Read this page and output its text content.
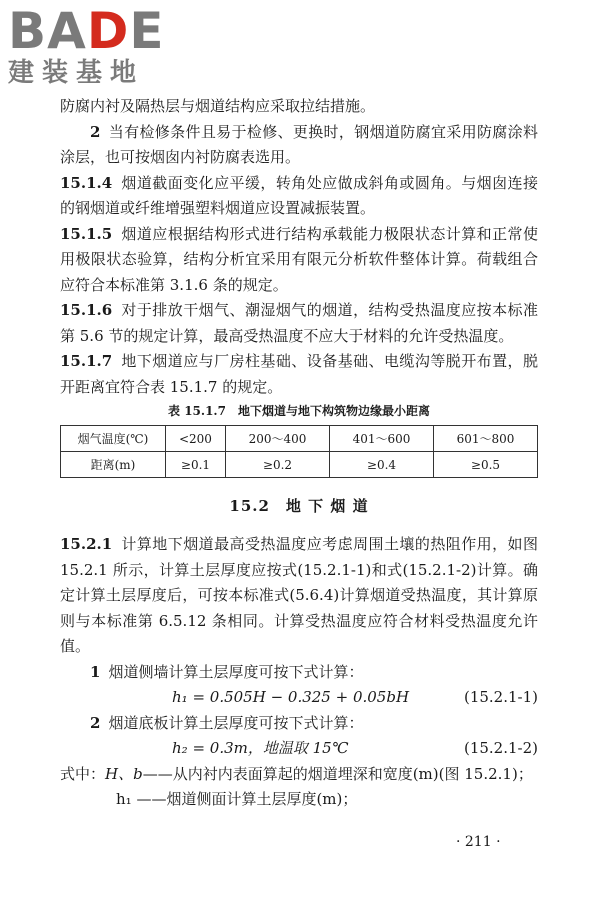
BADE
建装基地

防腐内衬及隔热层与烟道结构应采取拉结措施。

2 当有检修条件且易于检修、更换时，钢烟道防腐宜采用防腐涂料涂层，也可按烟囱内衬防腐表选用。

15.1.4 烟道截面变化应平缓，转角处应做成斜角或圆角。与烟囱连接的钢烟道或纤维增强塑料烟道应设置减振装置。

15.1.5 烟道应根据结构形式进行结构承载能力极限状态计算和正常使用极限状态验算，结构分析宜采用有限元分析软件整体计算。荷载组合应符合本标准第 3.1.6 条的规定。

15.1.6 对于排放干烟气、潮湿烟气的烟道，结构受热温度应按本标准第 5.6 节的规定计算，最高受热温度不应大于材料的允许受热温度。

15.1.7 地下烟道应与厂房柱基础、设备基础、电缆沟等脱开布置，脱开距离宜符合表 15.1.7 的规定。

表 15.1.7　地下烟道与地下构筑物边缘最小距离
烟气温度(℃)	<200	200～400	401～600	601～800
距离(m)	≥0.1	≥0.2	≥0.4	≥0.5
15.2　地 下 烟 道

15.2.1 计算地下烟道最高受热温度应考虑周围土壤的热阻作用，如图 15.2.1 所示，计算土层厚度应按式(15.2.1-1)和式(15.2.1-2)计算。确定计算土层厚度后，可按本标准式(5.6.4)计算烟道受热温度，其计算原则与本标准第 6.5.12 条相同。计算受热温度应符合材料受热温度允许值。

1 烟道侧墙计算土层厚度可按下式计算：

h₁ = 0.505H − 0.325 + 0.05bH	(15.2.1-1)

2 烟道底板计算土层厚度可按下式计算：

h₂ = 0.3m，地温取 15℃	(15.2.1-2)
式中：H、b——从内衬内表面算起的烟道埋深和宽度(m)(图 15.2.1)；
h₁ ——烟道侧面计算土层厚度(m)；
· 211 ·
